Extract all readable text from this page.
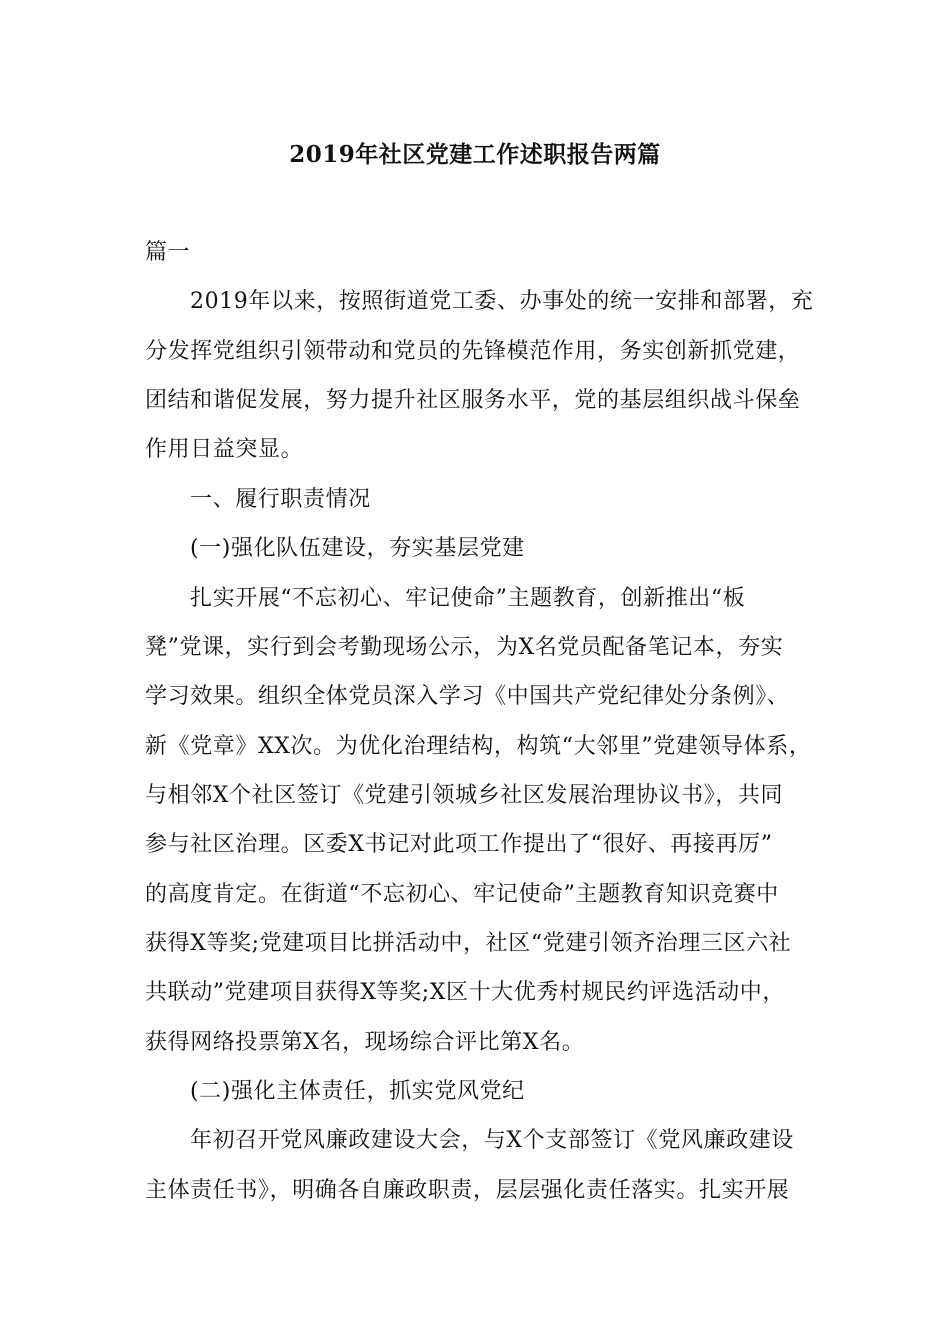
2019年社区党建工作述职报告两篇
篇一
2019年以来，按照街道党工委、办事处的统一安排和部署，充
分发挥党组织引领带动和党员的先锋模范作用，务实创新抓党建，
团结和谐促发展，努力提升社区服务水平，党的基层组织战斗保垒
作用日益突显。
一、履行职责情况
(一)强化队伍建设，夯实基层党建
扎实开展“不忘初心、牢记使命”主题教育，创新推出“板
凳”党课，实行到会考勤现场公示，为X名党员配备笔记本，夯实
学习效果。组织全体党员深入学习《中国共产党纪律处分条例》、
新《党章》XX次。为优化治理结构，构筑“大邻里”党建领导体系，
与相邻X个社区签订《党建引领城乡社区发展治理协议书》，共同
参与社区治理。区委X书记对此项工作提出了“很好、再接再厉”
的高度肯定。在街道“不忘初心、牢记使命”主题教育知识竞赛中
获得X等奖;党建项目比拼活动中，社区“党建引领齐治理三区六社
共联动”党建项目获得X等奖;X区十大优秀村规民约评选活动中，
获得网络投票第X名，现场综合评比第X名。
(二)强化主体责任，抓实党风党纪
年初召开党风廉政建设大会，与X个支部签订《党风廉政建设
主体责任书》，明确各自廉政职责，层层强化责任落实。扎实开展
